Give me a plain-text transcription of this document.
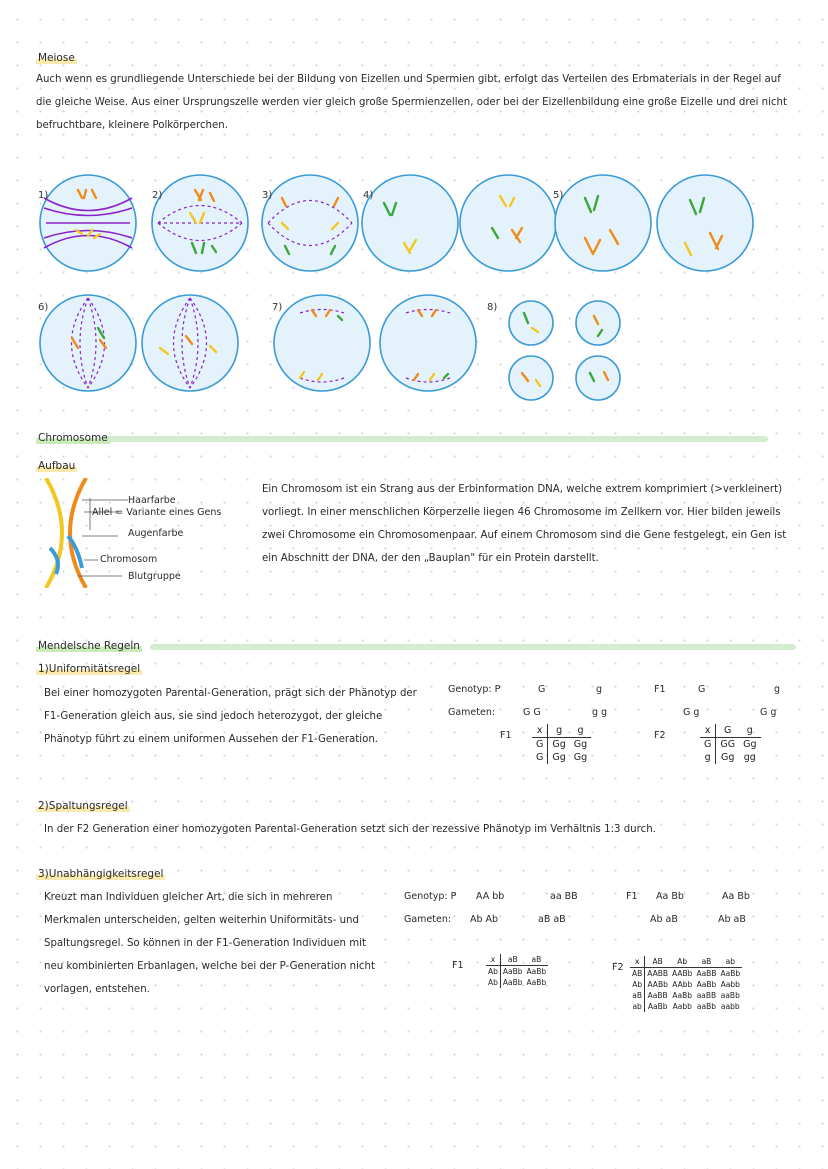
Meiose
Auch wenn es grundliegende Unterschiede bei der Bildung von Eizellen und Spermien gibt, erfolgt das Verteilen des Erbmaterials in der Regel auf die gleiche Weise. Aus einer Ursprungszelle werden vier gleich große Spermienzellen, oder bei der Eizellenbildung eine große Eizelle und drei nicht befruchtbare, kleinere Polkörperchen.
1)	2)	3)	4)	5)
6)	7)	8)
Chromosome
Aufbau
Haarfarbe
Allel = Variante eines Gens
Augenfarbe
Chromosom
Blutgruppe
Ein Chromosom ist ein Strang aus der Erbinformation DNA, welche extrem komprimiert (>verkleinert) vorliegt. In einer menschlichen Körperzelle liegen 46 Chromosome im Zellkern vor. Hier bilden jeweils zwei Chromosome ein Chromosomenpaar. Auf einem Chromosom sind die Gene festgelegt, ein Gen ist ein Abschnitt der DNA, der den „Bauplan" für ein Protein darstellt.
Mendelsche Regeln
1)Uniformitätsregel
Bei einer homozygoten Parental-Generation, prägt sich der Phänotyp der F1-Generation gleich aus, sie sind jedoch heterozygot, der gleiche Phänotyp führt zu einem uniformen Aussehen der F1-Generation.
Genotyp: P	G	g
Gameten:	G G	g g
F1	x	g	g
G	Gg	Gg
G	Gg	Gg
F1	G	g
G g	G g
F2	x	G	g
G	GG	Gg
g	Gg	gg
2)Spaltungsregel
In der F2 Generation einer homozygoten Parental-Generation setzt sich der rezessive Phänotyp im Verhältnis 1:3 durch.
3)Unabhängigkeitsregel
Kreuzt man Individuen gleicher Art, die sich in mehreren Merkmalen unterscheiden, gelten weiterhin Uniformitäts- und Spaltungsregel. So können in der F1-Generation Individuen mit neu kombinierten Erbanlagen, welche bei der P-Generation nicht vorlagen, entstehen.
Genotyp: P AA bb	aa BB
Gameten: Ab Ab	aB aB
F1
x	aB	aB
Ab	AaBb	AaBb
Ab	AaBb	AaBb
F1 Aa Bb	Aa Bb
Ab aB	Ab aB
F2
x	AB	Ab	aB	ab
AB	AABB	AABb	AaBB	AaBb
Ab	AABb	AAbb	AaBb	Aabb
aB	AaBB	AaBb	aaBB	aaBb
ab	AaBb	Aabb	aaBb	aabb
